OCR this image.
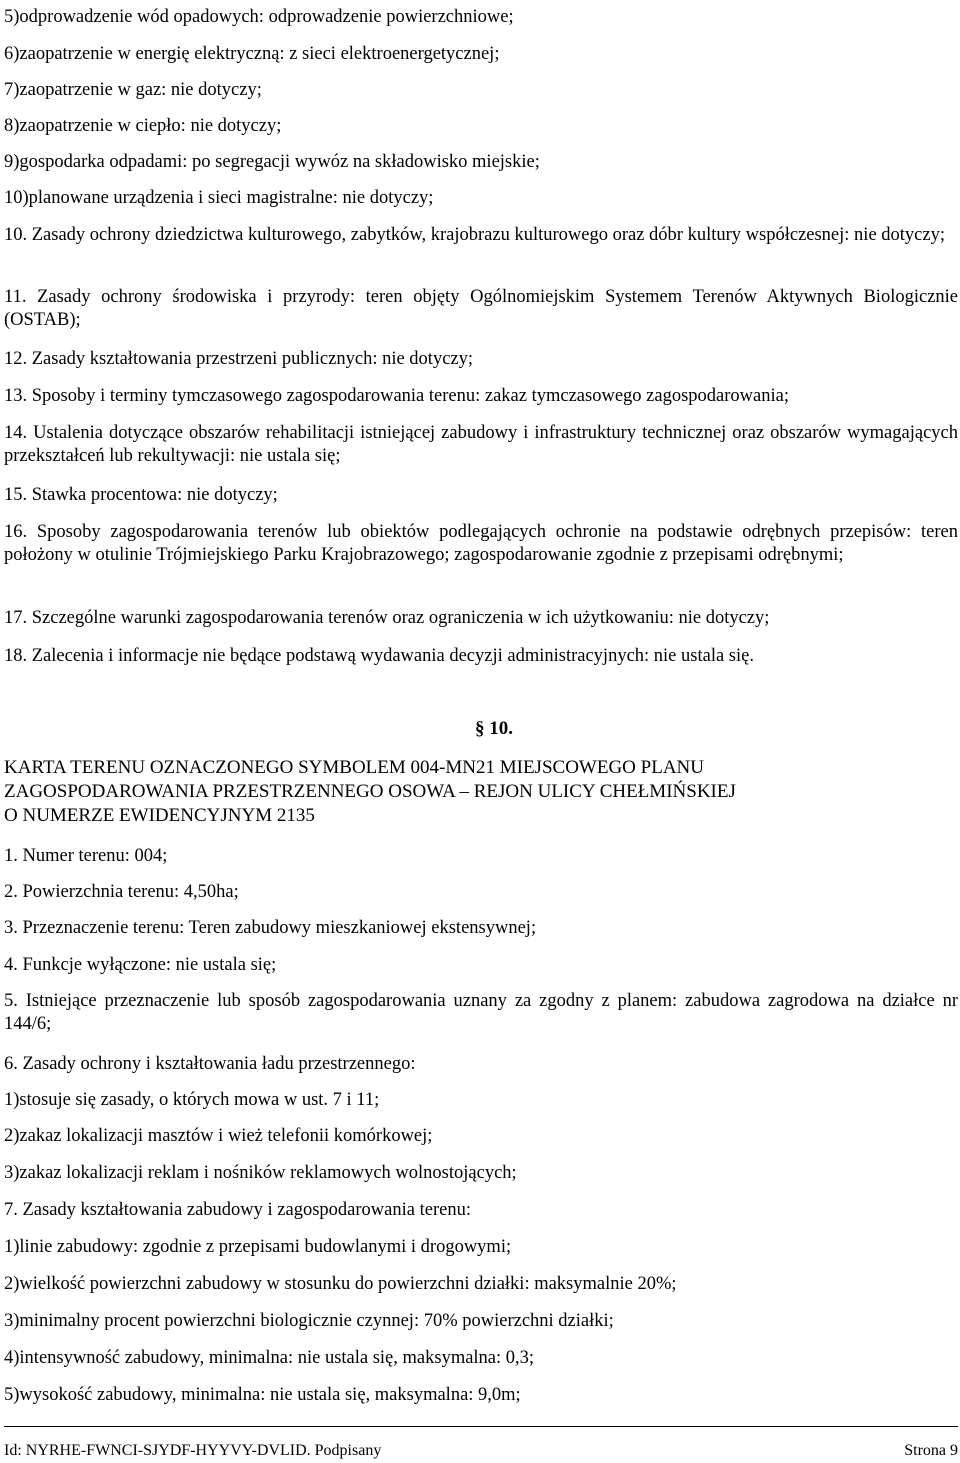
5)odprowadzenie wód opadowych: odprowadzenie powierzchniowe;
6)zaopatrzenie w energię elektryczną: z sieci elektroenergetycznej;
7)zaopatrzenie w gaz: nie dotyczy;
8)zaopatrzenie w ciepło: nie dotyczy;
9)gospodarka odpadami: po segregacji wywóz na składowisko miejskie;
10)planowane urządzenia i sieci magistralne: nie dotyczy;
10. Zasady ochrony dziedzictwa kulturowego, zabytków, krajobrazu kulturowego oraz dóbr kultury współczesnej: nie dotyczy;
11. Zasady ochrony środowiska i przyrody: teren objęty Ogólnomiejskim Systemem Terenów Aktywnych Biologicznie (OSTAB);
12. Zasady kształtowania przestrzeni publicznych: nie dotyczy;
13. Sposoby i terminy tymczasowego zagospodarowania terenu: zakaz tymczasowego zagospodarowania;
14. Ustalenia dotyczące obszarów rehabilitacji istniejącej zabudowy i infrastruktury technicznej oraz obszarów wymagających przekształceń lub rekultywacji: nie ustala się;
15. Stawka procentowa: nie dotyczy;
16. Sposoby zagospodarowania terenów lub obiektów podlegających ochronie na podstawie odrębnych przepisów: teren położony w otulinie Trójmiejskiego Parku Krajobrazowego; zagospodarowanie zgodnie z przepisami odrębnymi;
17. Szczególne warunki zagospodarowania terenów oraz ograniczenia w ich użytkowaniu: nie dotyczy;
18. Zalecenia i informacje nie będące podstawą wydawania decyzji administracyjnych: nie ustala się.
§ 10.
KARTA TERENU OZNACZONEGO SYMBOLEM 004-MN21 MIEJSCOWEGO PLANU
ZAGOSPODAROWANIA PRZESTRZENNEGO OSOWA – REJON ULICY CHEŁMIŃSKIEJ
O NUMERZE EWIDENCYJNYM 2135
1. Numer terenu: 004;
2. Powierzchnia terenu: 4,50ha;
3. Przeznaczenie terenu: Teren zabudowy mieszkaniowej ekstensywnej;
4. Funkcje wyłączone: nie ustala się;
5. Istniejące przeznaczenie lub sposób zagospodarowania uznany za zgodny z planem: zabudowa zagrodowa na działce nr 144/6;
6. Zasady ochrony i kształtowania ładu przestrzennego:
1)stosuje się zasady, o których mowa w ust. 7 i 11;
2)zakaz lokalizacji masztów i wież telefonii komórkowej;
3)zakaz lokalizacji reklam i nośników reklamowych wolnostojących;
7. Zasady kształtowania zabudowy i zagospodarowania terenu:
1)linie zabudowy: zgodnie z przepisami budowlanymi i drogowymi;
2)wielkość powierzchni zabudowy w stosunku do powierzchni działki: maksymalnie 20%;
3)minimalny procent powierzchni biologicznie czynnej: 70% powierzchni działki;
4)intensywność zabudowy, minimalna: nie ustala się, maksymalna: 0,3;
5)wysokość zabudowy, minimalna: nie ustala się, maksymalna: 9,0m;
Id: NYRHE-FWNCI-SJYDF-HYYVY-DVLID. Podpisany	Strona 9
